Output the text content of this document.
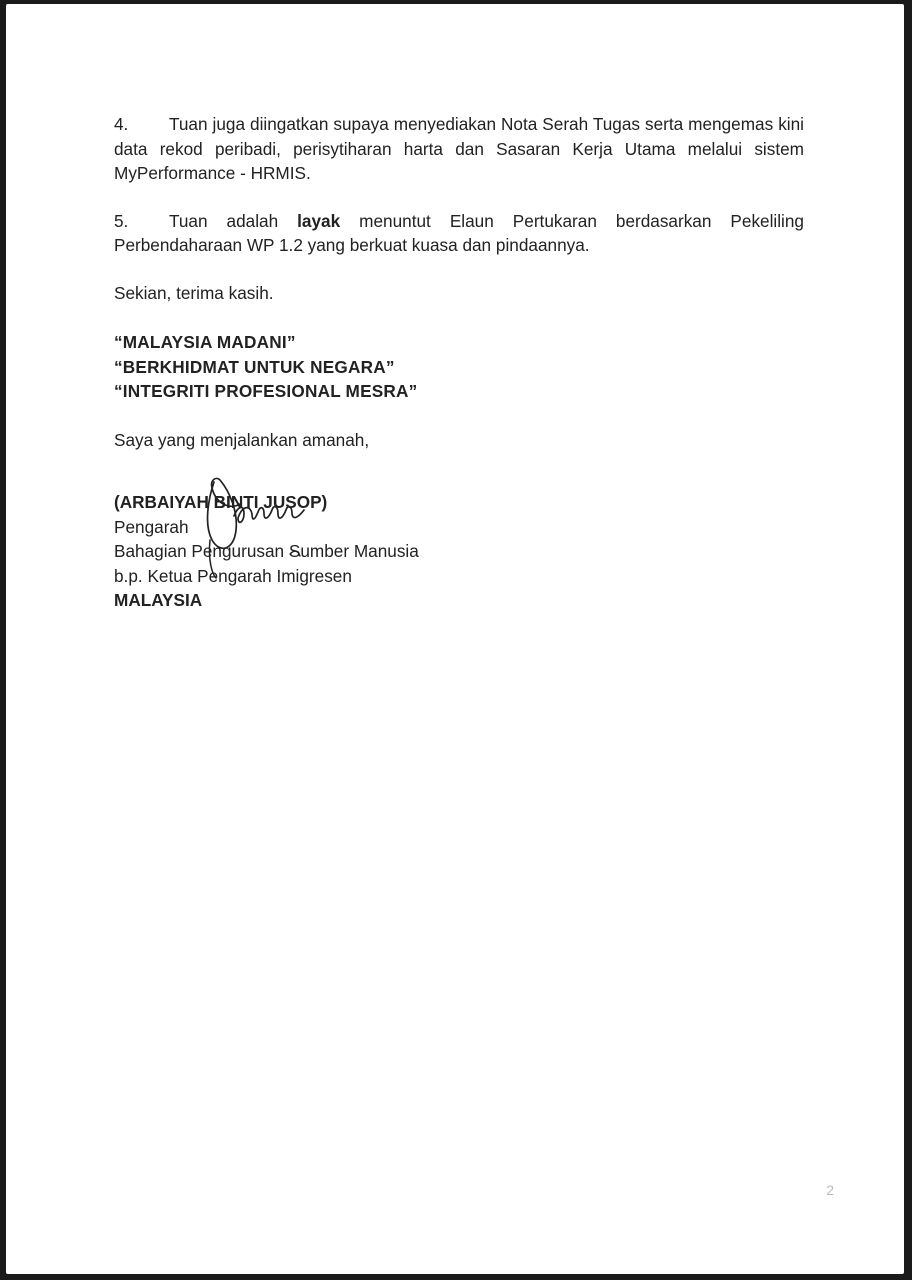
4. Tuan juga diingatkan supaya menyediakan Nota Serah Tugas serta mengemas kini data rekod peribadi, perisytiharan harta dan Sasaran Kerja Utama melalui sistem MyPerformance - HRMIS.

5. Tuan adalah layak menuntut Elaun Pertukaran berdasarkan Pekeliling Perbendaharaan WP 1.2 yang berkuat kuasa dan pindaannya.

Sekian, terima kasih.
“MALAYSIA MADANI”
“BERKHIDMAT UNTUK NEGARA”
“INTEGRITI PROFESIONAL MESRA”
Saya yang menjalankan amanah,
(ARBAIYAH BINTI JUSOP)
Pengarah
Bahagian Pengurusan Sumber Manusia
b.p. Ketua Pengarah Imigresen
MALAYSIA
2
